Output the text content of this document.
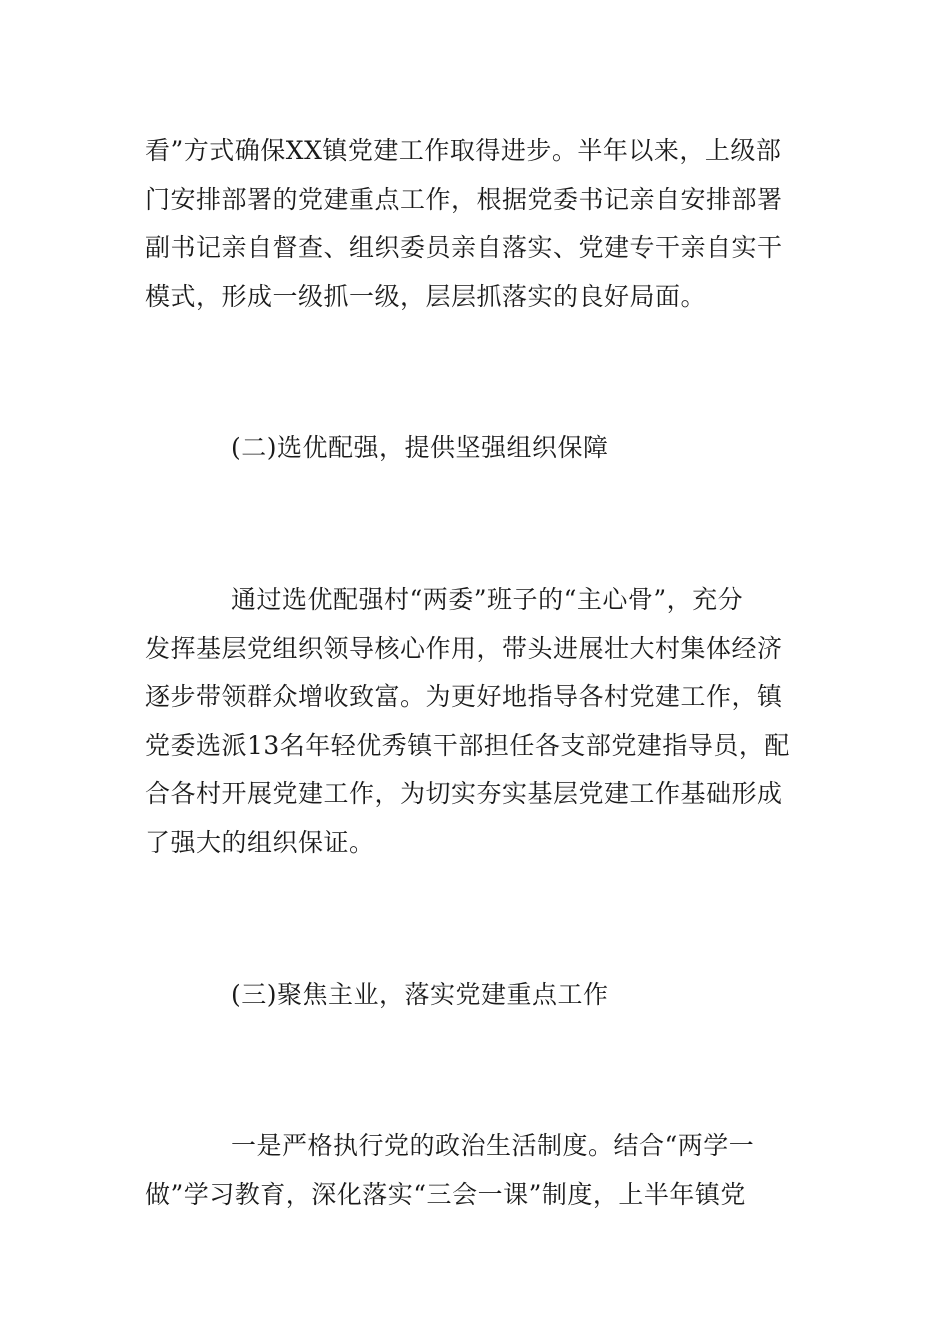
看”方式确保XX镇党建工作取得进步。半年以来，上级部
门安排部署的党建重点工作，根据党委书记亲自安排部署
副书记亲自督查、组织委员亲自落实、党建专干亲自实干
模式，形成一级抓一级，层层抓落实的良好局面。
(二)选优配强，提供坚强组织保障
通过选优配强村“两委”班子的“主心骨”，充分
发挥基层党组织领导核心作用，带头进展壮大村集体经济
逐步带领群众增收致富。为更好地指导各村党建工作，镇
党委选派13名年轻优秀镇干部担任各支部党建指导员，配
合各村开展党建工作，为切实夯实基层党建工作基础形成
了强大的组织保证。
(三)聚焦主业，落实党建重点工作
一是严格执行党的政治生活制度。结合“两学一
做”学习教育，深化落实“三会一课”制度，上半年镇党
